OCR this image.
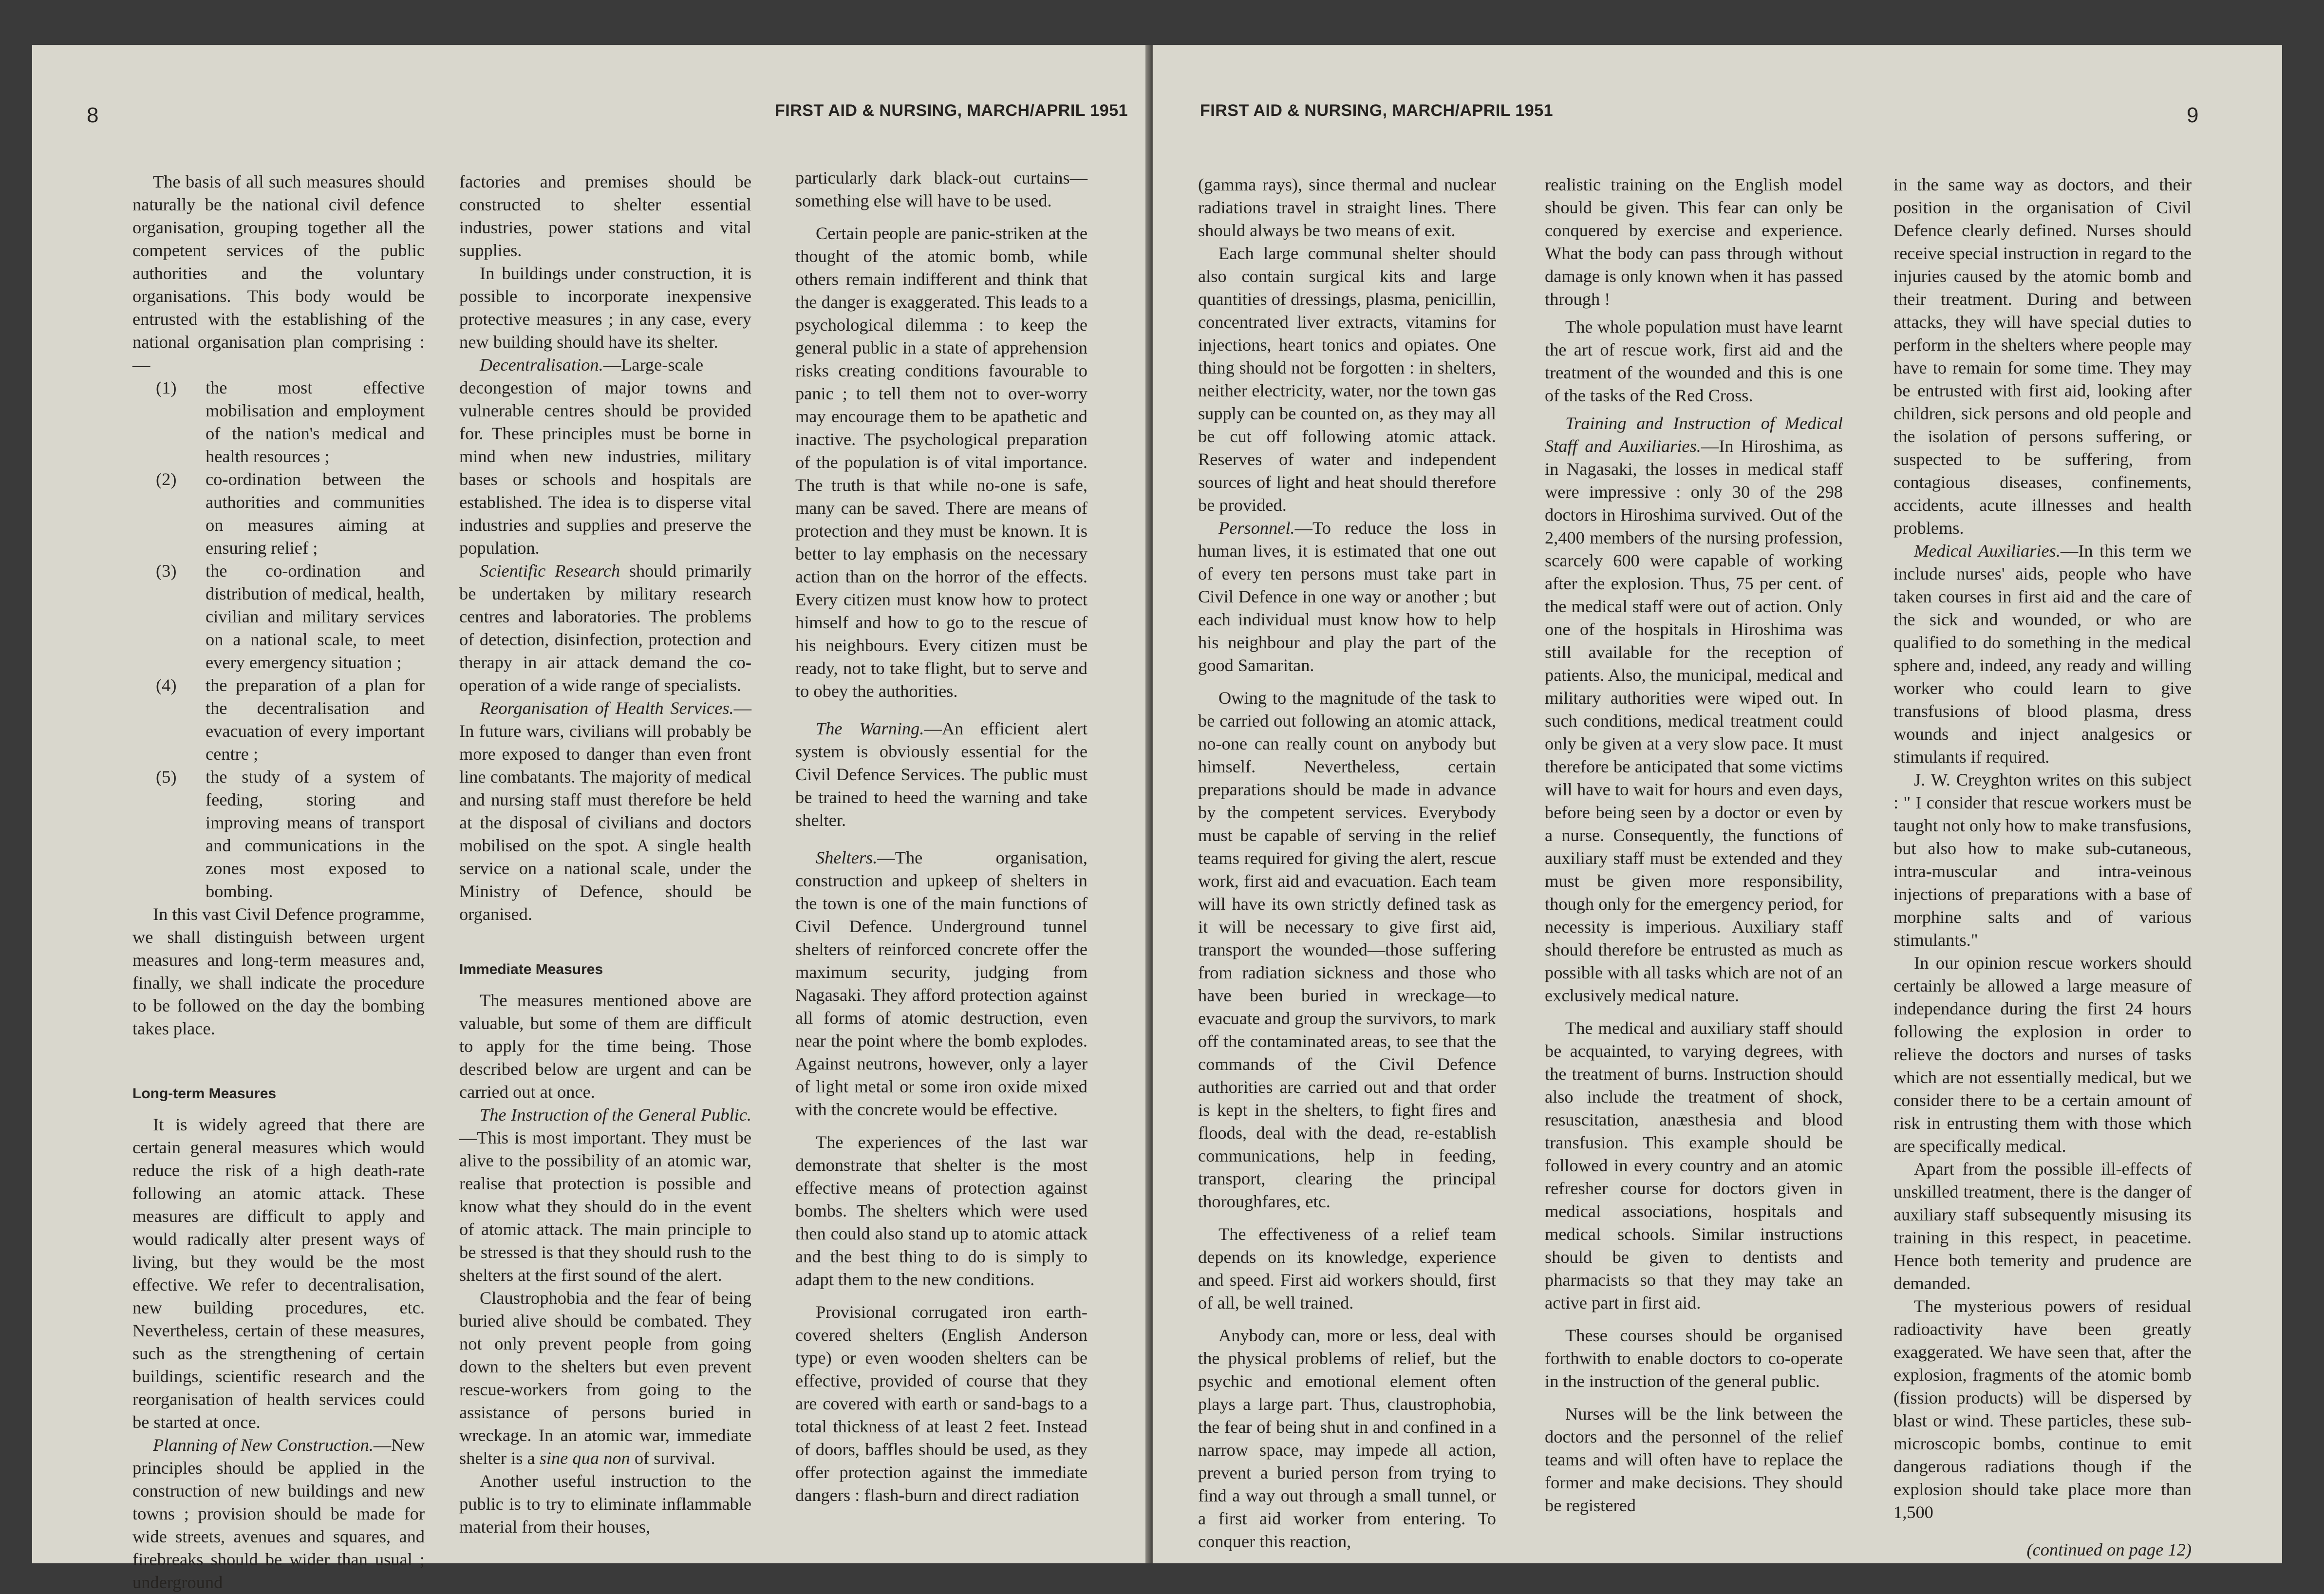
8	FIRST AID & NURSING, MARCH/APRIL 1951

The basis of all such measures should naturally be the national civil defence organisation, grouping together all the competent services of the public authorities and the voluntary organisations. This body would be entrusted with the establishing of the national organisation plan comprising :—

(1) the most effective mobilisation and employment of the nation's medical and health resources ;
(2) co-ordination between the authorities and communities on measures aiming at ensuring relief ;
(3) the co-ordination and distribution of medical, health, civilian and military services on a national scale, to meet every emergency situation ;
(4) the preparation of a plan for the decentralisation and evacuation of every important centre ;
(5) the study of a system of feeding, storing and improving means of transport and communications in the zones most exposed to bombing.

In this vast Civil Defence programme, we shall distinguish between urgent measures and long-term measures and, finally, we shall indicate the procedure to be followed on the day the bombing takes place.

Long-term Measures

It is widely agreed that there are certain general measures which would reduce the risk of a high death-rate following an atomic attack. These measures are difficult to apply and would radically alter present ways of living, but they would be the most effective. We refer to decentralisation, new building procedures, etc. Nevertheless, certain of these measures, such as the strengthening of certain buildings, scientific research and the reorganisation of health services could be started at once.

Planning of New Construction.—New principles should be applied in the construction of new buildings and new towns ; provision should be made for wide streets, avenues and squares, and firebreaks should be wider than usual ; underground

factories and premises should be constructed to shelter essential industries, power stations and vital supplies.

In buildings under construction, it is possible to incorporate inexpensive protective measures ; in any case, every new building should have its shelter.

Decentralisation.—Large-scale decongestion of major towns and vulnerable centres should be provided for. These principles must be borne in mind when new industries, military bases or schools and hospitals are established. The idea is to disperse vital industries and supplies and preserve the population.

Scientific Research should primarily be undertaken by military research centres and laboratories. The problems of detection, disinfection, protection and therapy in air attack demand the co-operation of a wide range of specialists.

Reorganisation of Health Services.—In future wars, civilians will probably be more exposed to danger than even front line combatants. The majority of medical and nursing staff must therefore be held at the disposal of civilians and doctors mobilised on the spot. A single health service on a national scale, under the Ministry of Defence, should be organised.

Immediate Measures

The measures mentioned above are valuable, but some of them are difficult to apply for the time being. Those described below are urgent and can be carried out at once.

The Instruction of the General Public.—This is most important. They must be alive to the possibility of an atomic war, realise that protection is possible and know what they should do in the event of atomic attack. The main principle to be stressed is that they should rush to the shelters at the first sound of the alert.

Claustrophobia and the fear of being buried alive should be combated. They not only prevent people from going down to the shelters but even prevent rescue-workers from going to the assistance of persons buried in wreckage. In an atomic war, immediate shelter is a sine qua non of survival.

Another useful instruction to the public is to try to eliminate inflammable material from their houses,

particularly dark black-out curtains—something else will have to be used.

Certain people are panic-striken at the thought of the atomic bomb, while others remain indifferent and think that the danger is exaggerated. This leads to a psychological dilemma : to keep the general public in a state of apprehension risks creating conditions favourable to panic ; to tell them not to over-worry may encourage them to be apathetic and inactive. The psychological preparation of the population is of vital importance. The truth is that while no-one is safe, many can be saved. There are means of protection and they must be known. It is better to lay emphasis on the necessary action than on the horror of the effects. Every citizen must know how to protect himself and how to go to the rescue of his neighbours. Every citizen must be ready, not to take flight, but to serve and to obey the authorities.

The Warning.—An efficient alert system is obviously essential for the Civil Defence Services. The public must be trained to heed the warning and take shelter.

Shelters.—The organisation, construction and upkeep of shelters in the town is one of the main functions of Civil Defence. Underground tunnel shelters of reinforced concrete offer the maximum security, judging from Nagasaki. They afford protection against all forms of atomic destruction, even near the point where the bomb explodes. Against neutrons, however, only a layer of light metal or some iron oxide mixed with the concrete would be effective.

The experiences of the last war demonstrate that shelter is the most effective means of protection against bombs. The shelters which were used then could also stand up to atomic attack and the best thing to do is simply to adapt them to the new conditions.

Provisional corrugated iron earth-covered shelters (English Anderson type) or even wooden shelters can be effective, provided of course that they are covered with earth or sand-bags to a total thickness of at least 2 feet. Instead of doors, baffles should be used, as they offer protection against the immediate dangers : flash-burn and direct radiation

FIRST AID & NURSING, MARCH/APRIL 1951	9

(gamma rays), since thermal and nuclear radiations travel in straight lines. There should always be two means of exit.

Each large communal shelter should also contain surgical kits and large quantities of dressings, plasma, penicillin, concentrated liver extracts, vitamins for injections, heart tonics and opiates. One thing should not be forgotten : in shelters, neither electricity, water, nor the town gas supply can be counted on, as they may all be cut off following atomic attack. Reserves of water and independent sources of light and heat should therefore be provided.

Personnel.—To reduce the loss in human lives, it is estimated that one out of every ten persons must take part in Civil Defence in one way or another ; but each individual must know how to help his neighbour and play the part of the good Samaritan.

Owing to the magnitude of the task to be carried out following an atomic attack, no-one can really count on anybody but himself. Nevertheless, certain preparations should be made in advance by the competent services. Everybody must be capable of serving in the relief teams required for giving the alert, rescue work, first aid and evacuation. Each team will have its own strictly defined task as it will be necessary to give first aid, transport the wounded—those suffering from radiation sickness and those who have been buried in wreckage—to evacuate and group the survivors, to mark off the contaminated areas, to see that the commands of the Civil Defence authorities are carried out and that order is kept in the shelters, to fight fires and floods, deal with the dead, re-establish communications, help in feeding, transport, clearing the principal thoroughfares, etc.

The effectiveness of a relief team depends on its knowledge, experience and speed. First aid workers should, first of all, be well trained.

Anybody can, more or less, deal with the physical problems of relief, but the psychic and emotional element often plays a large part. Thus, claustrophobia, the fear of being shut in and confined in a narrow space, may impede all action, prevent a buried person from trying to find a way out through a small tunnel, or a first aid worker from entering. To conquer this reaction,

realistic training on the English model should be given. This fear can only be conquered by exercise and experience. What the body can pass through without damage is only known when it has passed through !

The whole population must have learnt the art of rescue work, first aid and the treatment of the wounded and this is one of the tasks of the Red Cross.

Training and Instruction of Medical Staff and Auxiliaries.—In Hiroshima, as in Nagasaki, the losses in medical staff were impressive : only 30 of the 298 doctors in Hiroshima survived. Out of the 2,400 members of the nursing profession, scarcely 600 were capable of working after the explosion. Thus, 75 per cent. of the medical staff were out of action. Only one of the hospitals in Hiroshima was still available for the reception of patients. Also, the municipal, medical and military authorities were wiped out. In such conditions, medical treatment could only be given at a very slow pace. It must therefore be anticipated that some victims will have to wait for hours and even days, before being seen by a doctor or even by a nurse. Consequently, the functions of auxiliary staff must be extended and they must be given more responsibility, though only for the emergency period, for necessity is imperious. Auxiliary staff should therefore be entrusted as much as possible with all tasks which are not of an exclusively medical nature.

The medical and auxiliary staff should be acquainted, to varying degrees, with the treatment of burns. Instruction should also include the treatment of shock, resuscitation, anæsthesia and blood transfusion. This example should be followed in every country and an atomic refresher course for doctors given in medical associations, hospitals and medical schools. Similar instructions should be given to dentists and pharmacists so that they may take an active part in first aid.

These courses should be organised forthwith to enable doctors to co-operate in the instruction of the general public.

Nurses will be the link between the doctors and the personnel of the relief teams and will often have to replace the former and make decisions. They should be registered

in the same way as doctors, and their position in the organisation of Civil Defence clearly defined. Nurses should receive special instruction in regard to the injuries caused by the atomic bomb and their treatment. During and between attacks, they will have special duties to perform in the shelters where people may have to remain for some time. They may be entrusted with first aid, looking after children, sick persons and old people and the isolation of persons suffering, or suspected to be suffering, from contagious diseases, confinements, accidents, acute illnesses and health problems.

Medical Auxiliaries.—In this term we include nurses' aids, people who have taken courses in first aid and the care of the sick and wounded, or who are qualified to do something in the medical sphere and, indeed, any ready and willing worker who could learn to give transfusions of blood plasma, dress wounds and inject analgesics or stimulants if required.

J. W. Creyghton writes on this subject : " I consider that rescue workers must be taught not only how to make transfusions, but also how to make sub-cutaneous, intra-muscular and intra-veinous injections of preparations with a base of morphine salts and of various stimulants."

In our opinion rescue workers should certainly be allowed a large measure of independance during the first 24 hours following the explosion in order to relieve the doctors and nurses of tasks which are not essentially medical, but we consider there to be a certain amount of risk in entrusting them with those which are specifically medical.

Apart from the possible ill-effects of unskilled treatment, there is the danger of auxiliary staff subsequently misusing its training in this respect, in peacetime. Hence both temerity and prudence are demanded.

The mysterious powers of residual radioactivity have been greatly exaggerated. We have seen that, after the explosion, fragments of the atomic bomb (fission products) will be dispersed by blast or wind. These particles, these sub-microscopic bombs, continue to emit dangerous radiations though if the explosion should take place more than 1,500

(continued on page 12)
